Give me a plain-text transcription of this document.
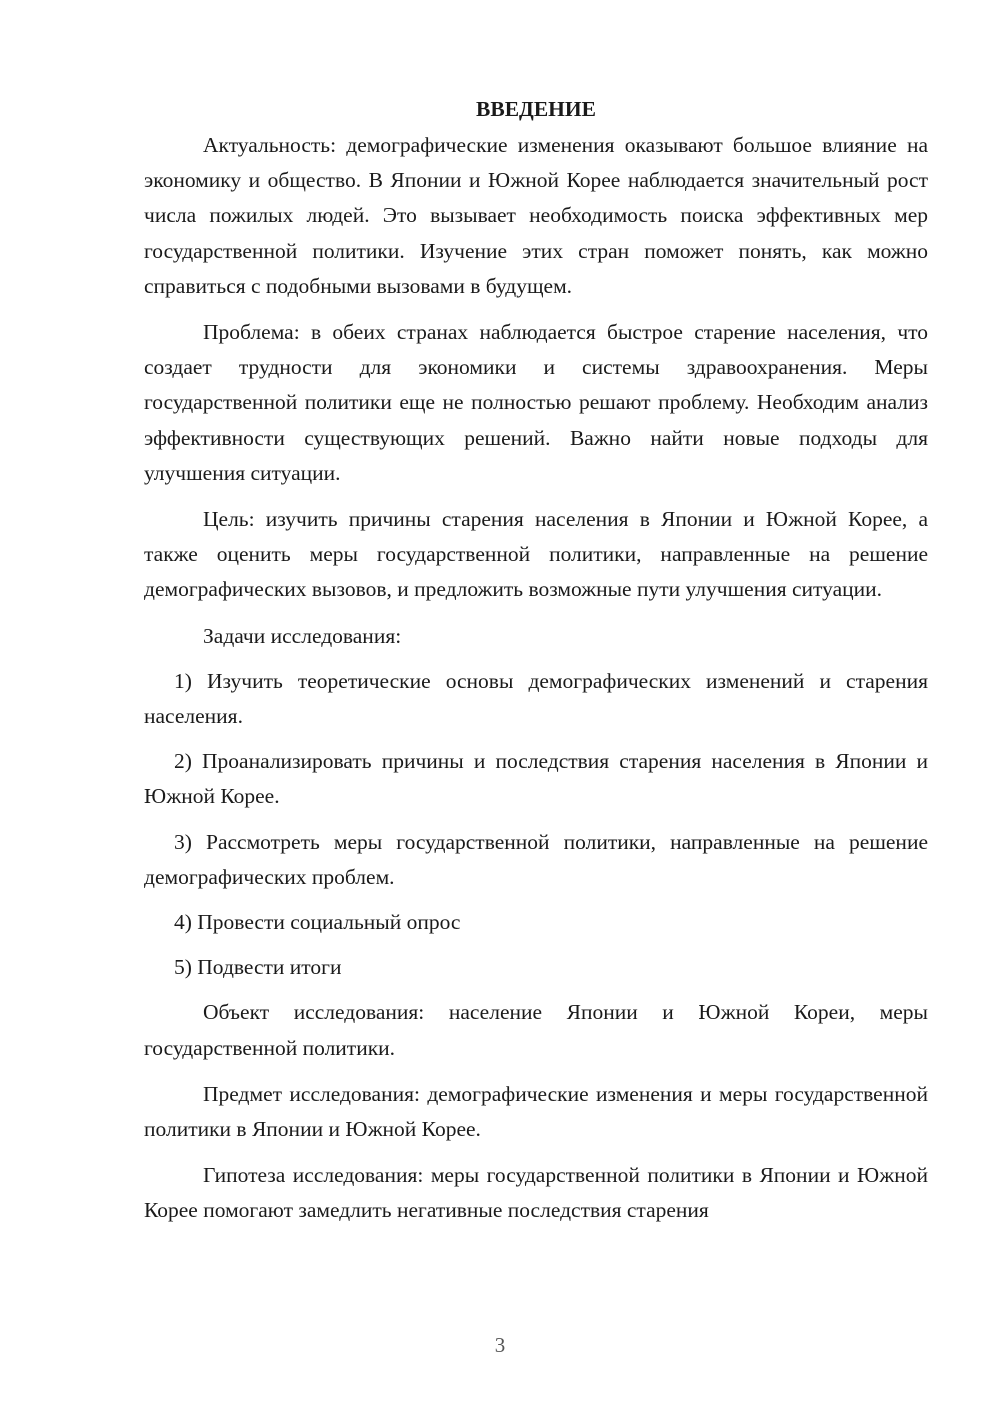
ВВЕДЕНИЕ

Актуальность: демографические изменения оказывают большое влияние на экономику и общество. В Японии и Южной Корее наблюдается значительный рост числа пожилых людей. Это вызывает необходимость поиска эффективных мер государственной политики. Изучение этих стран поможет понять, как можно справиться с подобными вызовами в будущем.

Проблема: в обеих странах наблюдается быстрое старение населения, что создает трудности для экономики и системы здравоохранения. Меры государственной политики еще не полностью решают проблему. Необходим анализ эффективности существующих решений. Важно найти новые подходы для улучшения ситуации.

Цель: изучить причины старения населения в Японии и Южной Корее, а также оценить меры государственной политики, направленные на решение демографических вызовов, и предложить возможные пути улучшения ситуации.

Задачи исследования:

1) Изучить теоретические основы демографических изменений и старения населения.

2) Проанализировать причины и последствия старения населения в Японии и Южной Корее.

3) Рассмотреть меры государственной политики, направленные на решение демографических проблем.

4) Провести социальный опрос

5) Подвести итоги

Объект исследования: население Японии и Южной Кореи, меры государственной политики.

Предмет исследования: демографические изменения и меры государственной политики в Японии и Южной Корее.

Гипотеза исследования: меры государственной политики в Японии и Южной Корее помогают замедлить негативные последствия старения

3
